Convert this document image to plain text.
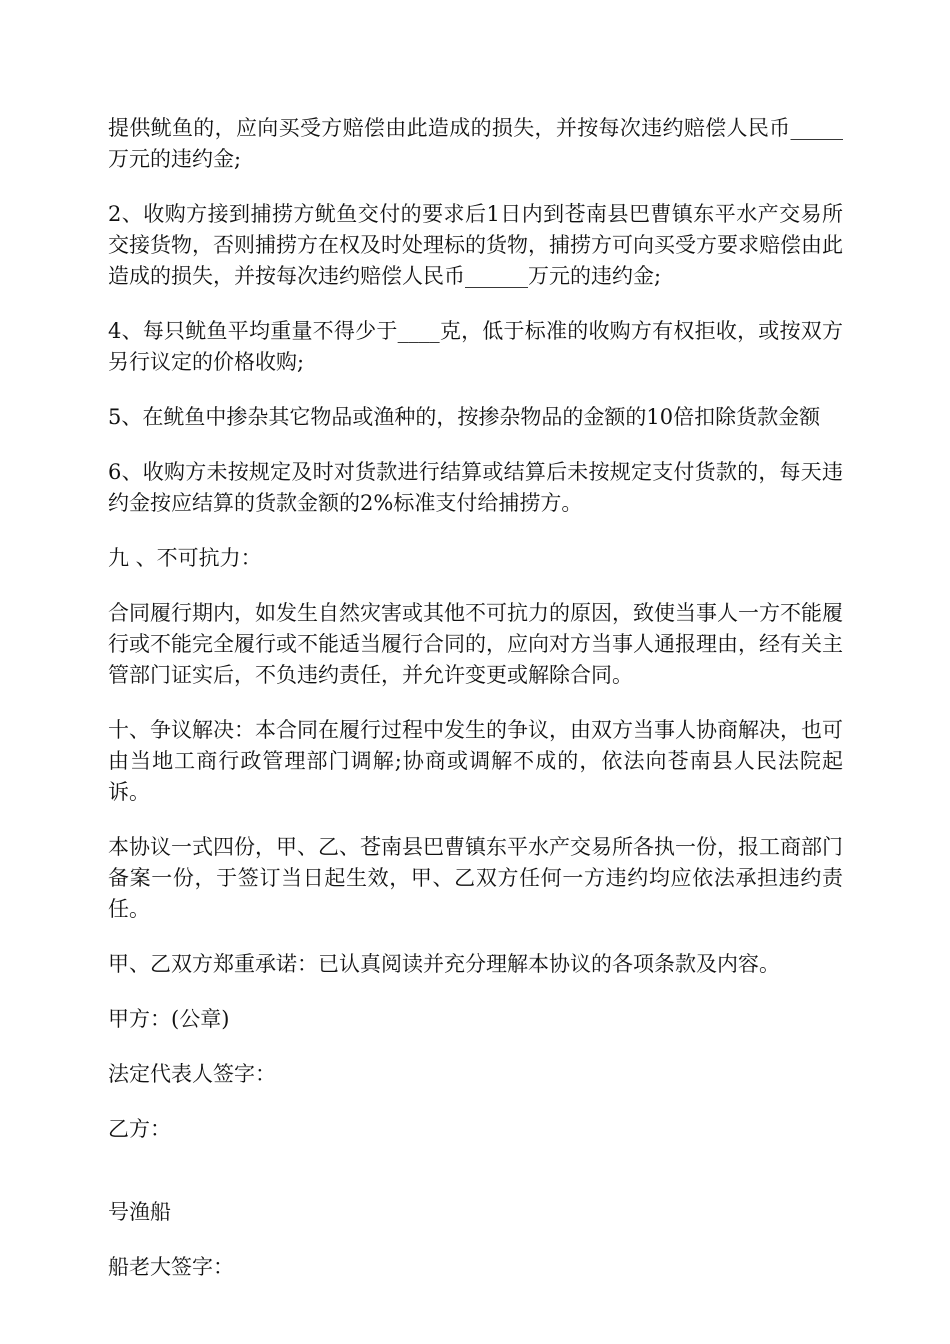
提供鱿鱼的，应向买受方赔偿由此造成的损失，并按每次违约赔偿人民币_____万元的违约金;

2、收购方接到捕捞方鱿鱼交付的要求后1日内到苍南县巴曹镇东平水产交易所交接货物，否则捕捞方在权及时处理标的货物，捕捞方可向买受方要求赔偿由此造成的损失，并按每次违约赔偿人民币______万元的违约金;

4、每只鱿鱼平均重量不得少于____克，低于标准的收购方有权拒收，或按双方另行议定的价格收购;

5、在鱿鱼中掺杂其它物品或渔种的，按掺杂物品的金额的10倍扣除货款金额

6、收购方未按规定及时对货款进行结算或结算后未按规定支付货款的，每天违约金按应结算的货款金额的2%标准支付给捕捞方。

九 、不可抗力：

合同履行期内，如发生自然灾害或其他不可抗力的原因，致使当事人一方不能履行或不能完全履行或不能适当履行合同的，应向对方当事人通报理由，经有关主管部门证实后，不负违约责任，并允许变更或解除合同。

十、争议解决：本合同在履行过程中发生的争议，由双方当事人协商解决，也可由当地工商行政管理部门调解;协商或调解不成的，依法向苍南县人民法院起诉。

本协议一式四份，甲、乙、苍南县巴曹镇东平水产交易所各执一份，报工商部门备案一份，于签订当日起生效，甲、乙双方任何一方违约均应依法承担违约责任。

甲、乙双方郑重承诺：已认真阅读并充分理解本协议的各项条款及内容。

甲方：(公章)

法定代表人签字：

乙方：

号渔船

船老大签字：
